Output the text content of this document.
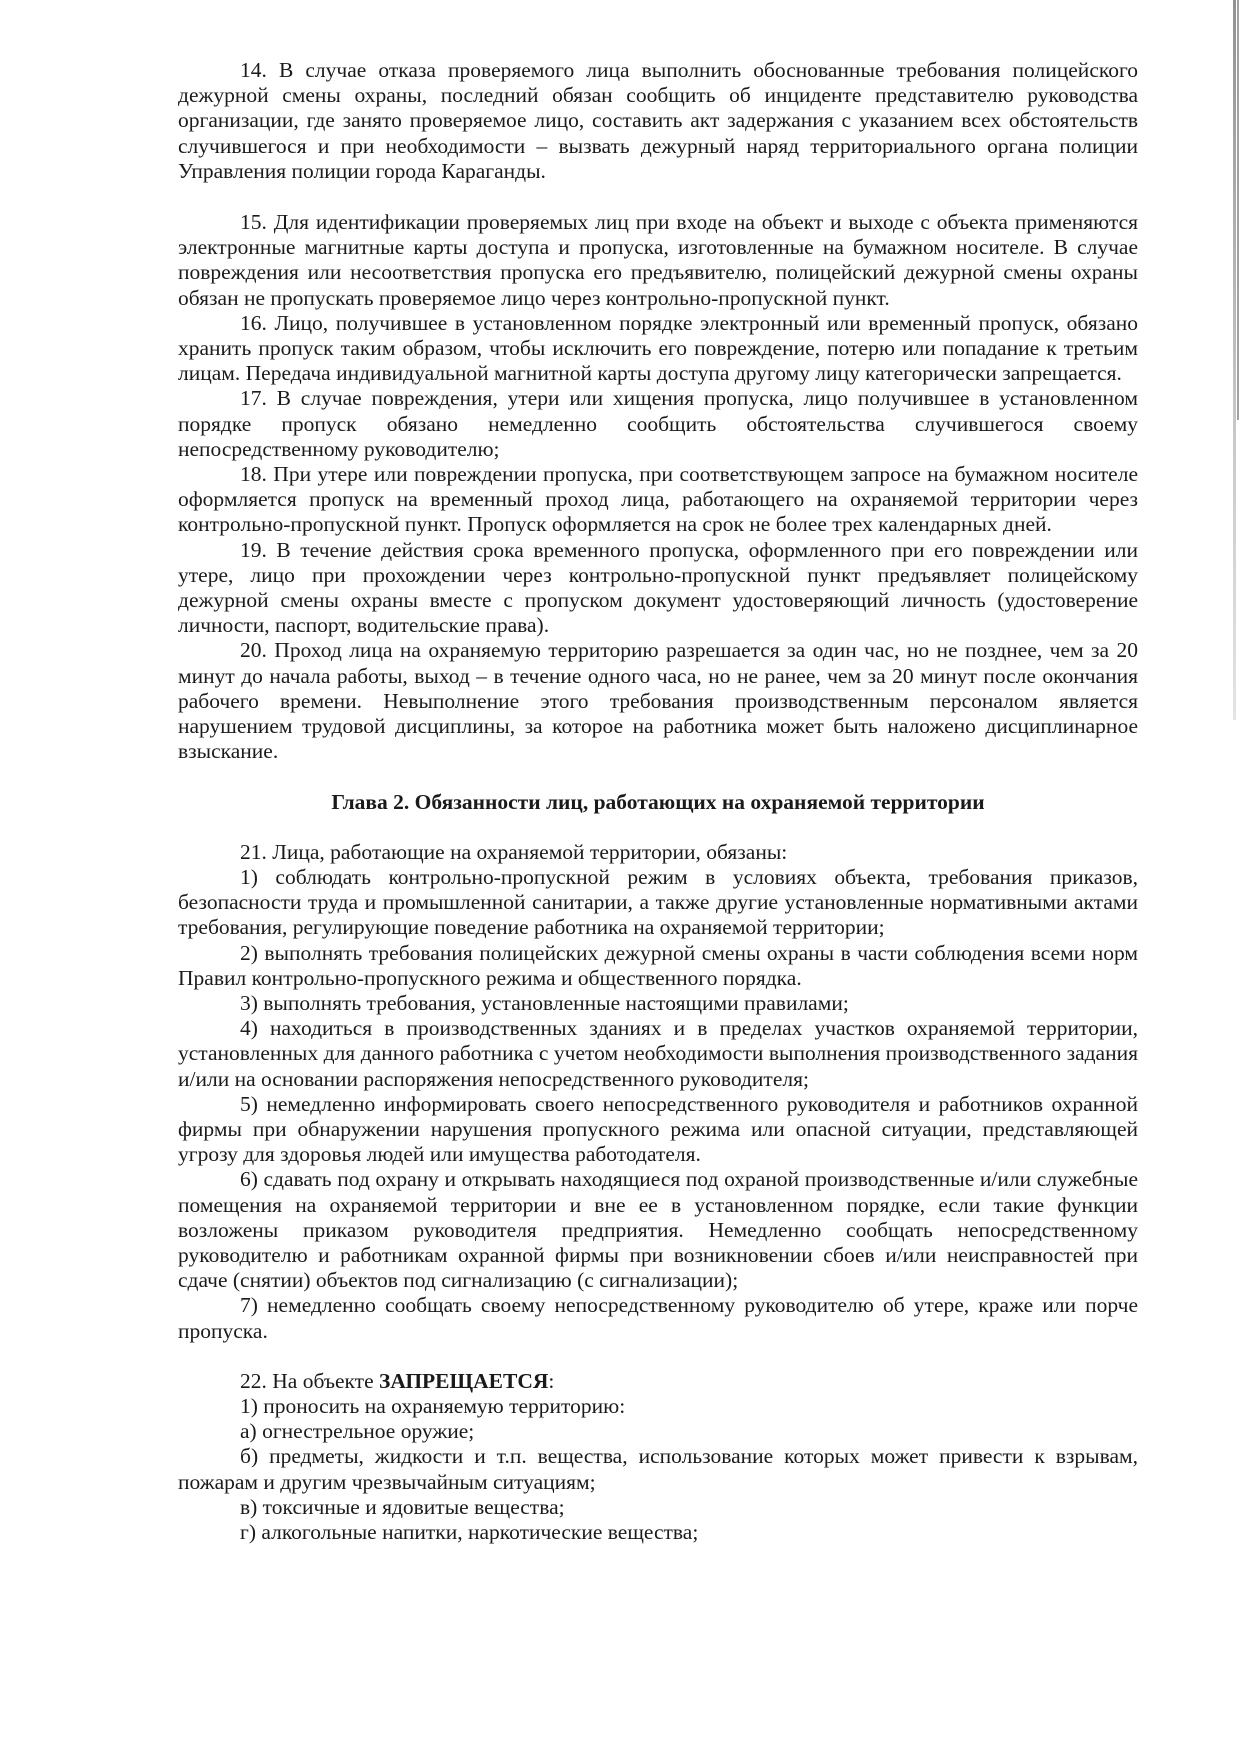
14. В случае отказа проверяемого лица выполнить обоснованные требования полицейского дежурной смены охраны, последний обязан сообщить об инциденте представителю руководства организации, где занято проверяемое лицо, составить акт задержания с указанием всех обстоятельств случившегося и при необходимости – вызвать дежурный наряд территориального органа полиции Управления полиции города Караганды.

15. Для идентификации проверяемых лиц при входе на объект и выходе с объекта применяются электронные магнитные карты доступа и пропуска, изготовленные на бумажном носителе. В случае повреждения или несоответствия пропуска его предъявителю, полицейский дежурной смены охраны обязан не пропускать проверяемое лицо через контрольно-пропускной пункт.

16. Лицо, получившее в установленном порядке электронный или временный пропуск, обязано хранить пропуск таким образом, чтобы исключить его повреждение, потерю или попадание к третьим лицам. Передача индивидуальной магнитной карты доступа другому лицу категорически запрещается.

17. В случае повреждения, утери или хищения пропуска, лицо получившее в установленном порядке пропуск обязано немедленно сообщить обстоятельства случившегося своему непосредственному руководителю;

18. При утере или повреждении пропуска, при соответствующем запросе на бумажном носителе оформляется пропуск на временный проход лица, работающего на охраняемой территории через контрольно-пропускной пункт. Пропуск оформляется на срок не более трех календарных дней.

19. В течение действия срока временного пропуска, оформленного при его повреждении или утере, лицо при прохождении через контрольно-пропускной пункт предъявляет полицейскому дежурной смены охраны вместе с пропуском документ удостоверяющий личность (удостоверение личности, паспорт, водительские права).

20. Проход лица на охраняемую территорию разрешается за один час, но не позднее, чем за 20 минут до начала работы, выход – в течение одного часа, но не ранее, чем за 20 минут после окончания рабочего времени. Невыполнение этого требования производственным персоналом является нарушением трудовой дисциплины, за которое на работника может быть наложено дисциплинарное взыскание.

Глава 2. Обязанности лиц, работающих на охраняемой территории

21. Лица, работающие на охраняемой территории, обязаны:

1) соблюдать контрольно-пропускной режим в условиях объекта, требования приказов, безопасности труда и промышленной санитарии, а также другие установленные нормативными актами требования, регулирующие поведение работника на охраняемой территории;

2) выполнять требования полицейских дежурной смены охраны в части соблюдения всеми норм Правил контрольно-пропускного режима и общественного порядка.

3) выполнять требования, установленные настоящими правилами;

4) находиться в производственных зданиях и в пределах участков охраняемой территории, установленных для данного работника с учетом необходимости выполнения производственного задания и/или на основании распоряжения непосредственного руководителя;

5) немедленно информировать своего непосредственного руководителя и работников охранной фирмы при обнаружении нарушения пропускного режима или опасной ситуации, представляющей угрозу для здоровья людей или имущества работодателя.

6) сдавать под охрану и открывать находящиеся под охраной производственные и/или служебные помещения на охраняемой территории и вне ее в установленном порядке, если такие функции возложены приказом руководителя предприятия. Немедленно сообщать непосредственному руководителю и работникам охранной фирмы при возникновении сбоев и/или неисправностей при сдаче (снятии) объектов под сигнализацию (с сигнализации);

7) немедленно сообщать своему непосредственному руководителю об утере, краже или порче пропуска.

22. На объекте ЗАПРЕЩАЕТСЯ:

1) проносить на охраняемую территорию:

а) огнестрельное оружие;

б) предметы, жидкости и т.п. вещества, использование которых может привести к взрывам, пожарам и другим чрезвычайным ситуациям;

в) токсичные и ядовитые вещества;

г) алкогольные напитки, наркотические вещества;
